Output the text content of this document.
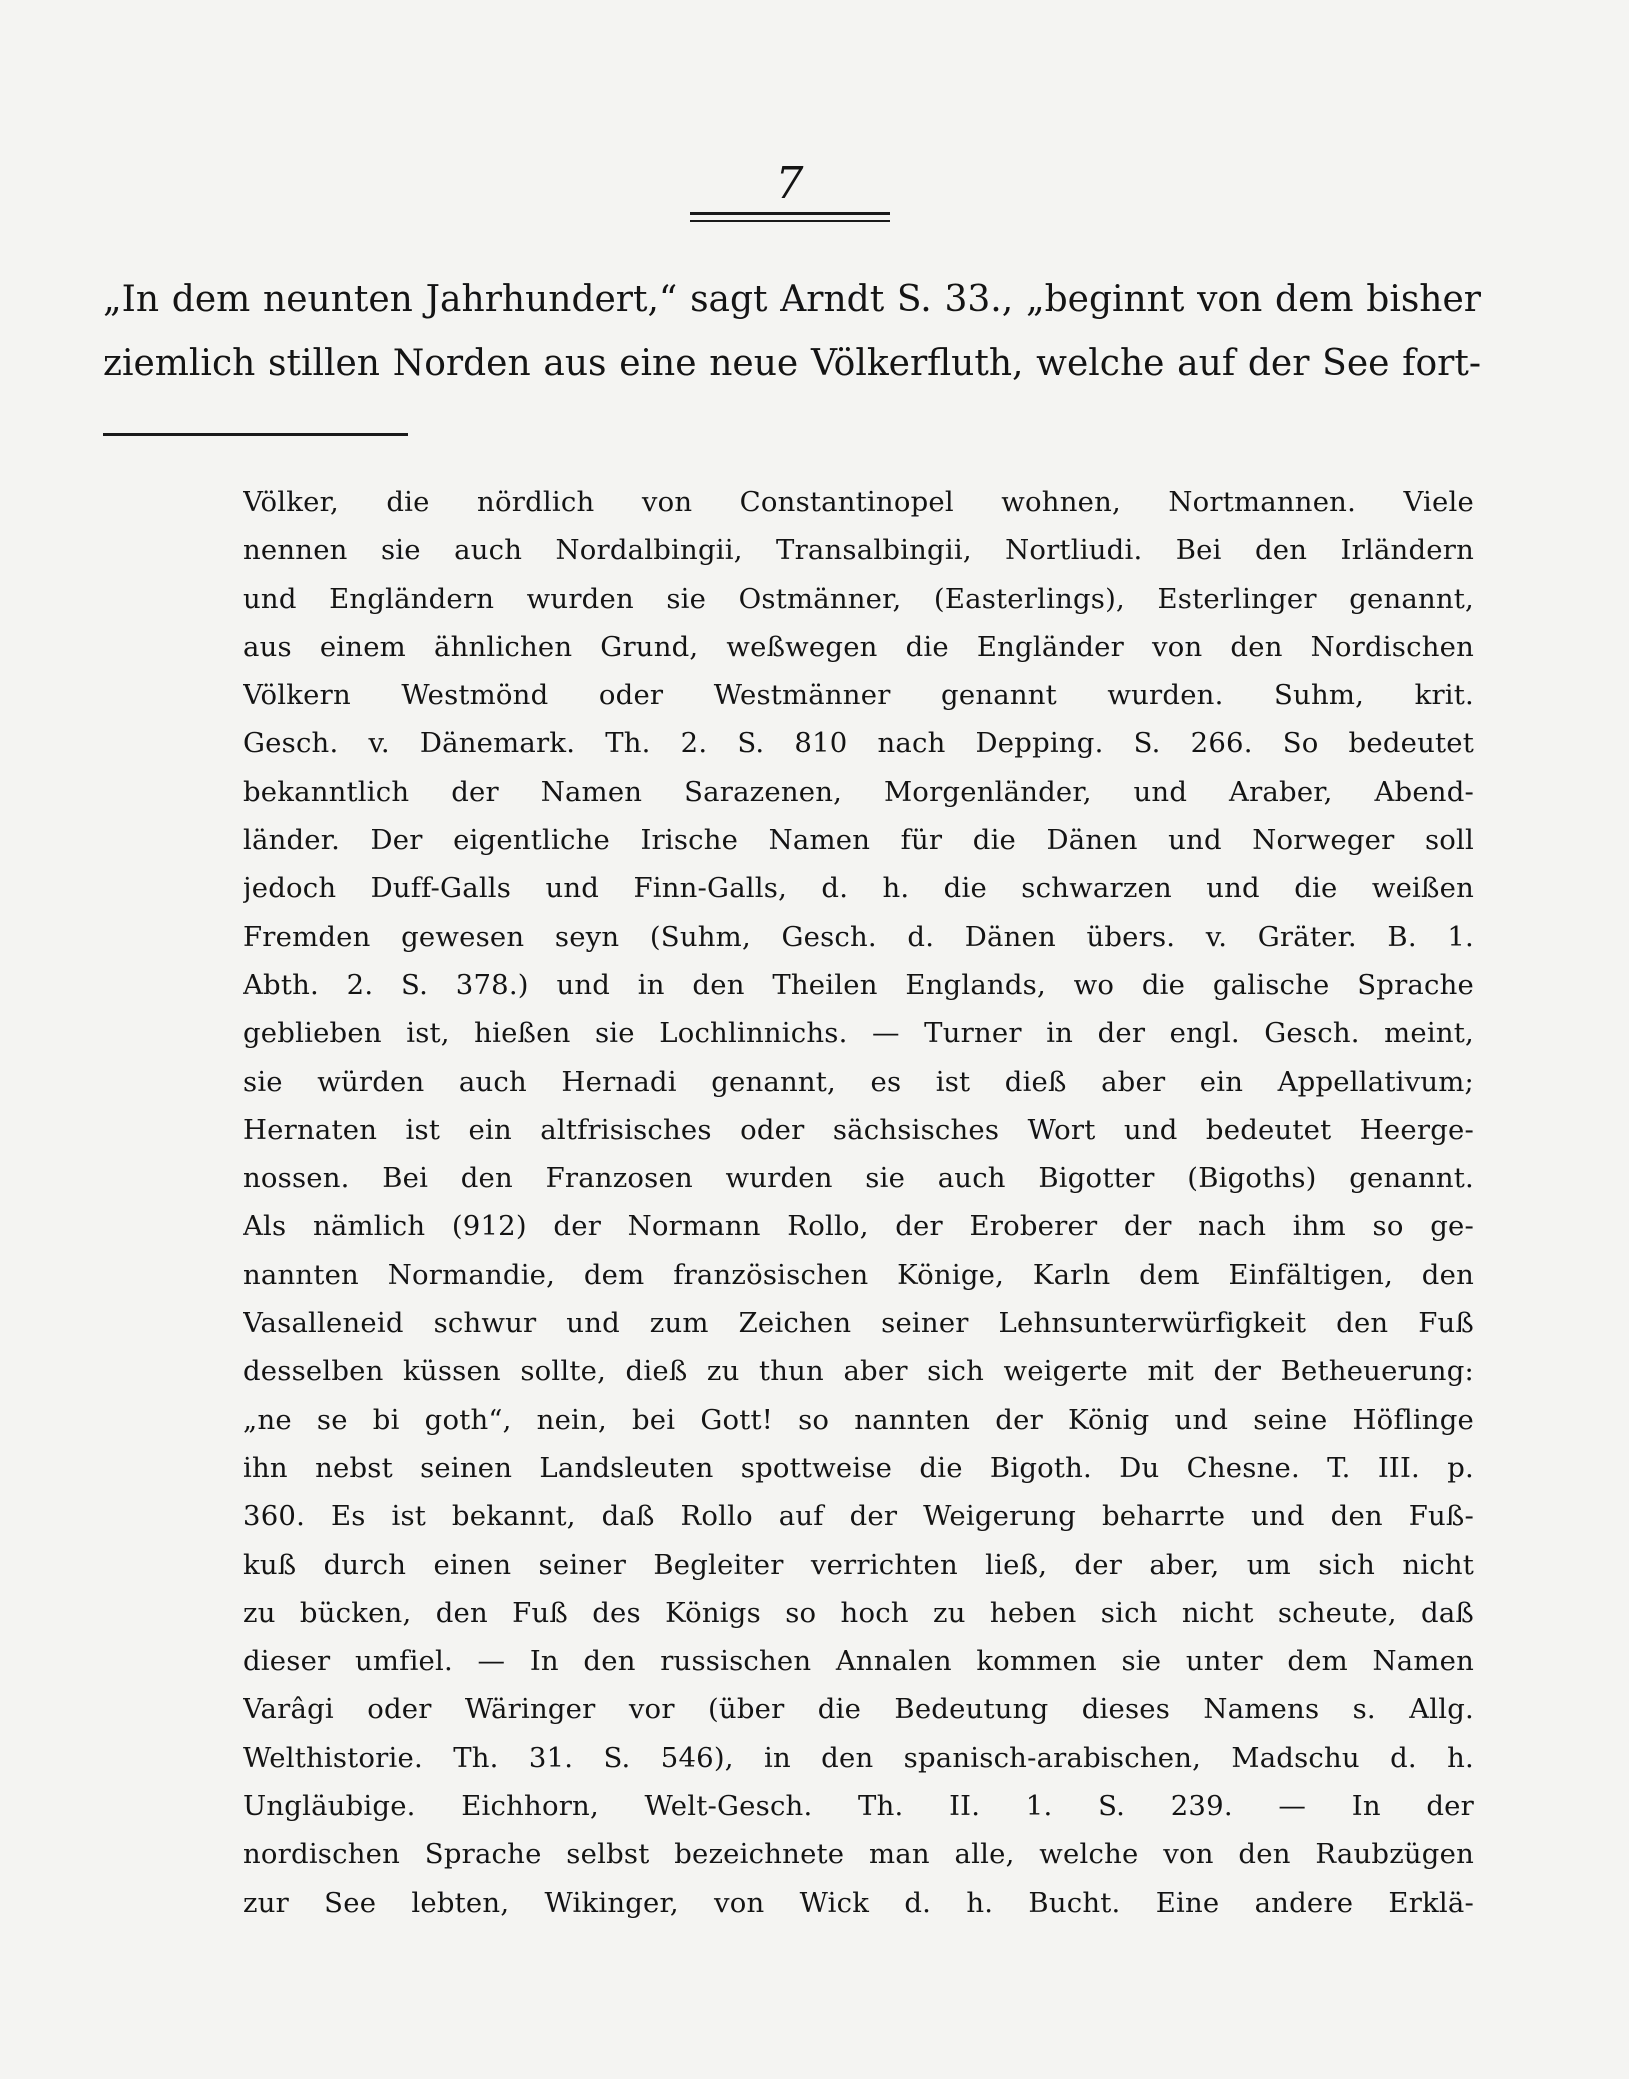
7
„In dem neunten Jahrhundert,“ sagt Arndt S. 33., „beginnt von dem bisher
ziemlich stillen Norden aus eine neue Völkerfluth, welche auf der See fort-
Völker, die nördlich von Constantinopel wohnen, Nortmannen. Viele
nennen sie auch Nordalbingii, Transalbingii, Nortliudi. Bei den Irländern
und Engländern wurden sie Ostmänner, (Easterlings), Esterlinger genannt,
aus einem ähnlichen Grund, weßwegen die Engländer von den Nordischen
Völkern Westmönd oder Westmänner genannt wurden. Suhm, krit.
Gesch. v. Dänemark. Th. 2. S. 810 nach Depping. S. 266. So bedeutet
bekanntlich der Namen Sarazenen, Morgenländer, und Araber, Abend-
länder. Der eigentliche Irische Namen für die Dänen und Norweger soll
jedoch Duff-Galls und Finn-Galls, d. h. die schwarzen und die weißen
Fremden gewesen seyn (Suhm, Gesch. d. Dänen übers. v. Gräter. B. 1.
Abth. 2. S. 378.) und in den Theilen Englands, wo die galische Sprache
geblieben ist, hießen sie Lochlinnichs. — Turner in der engl. Gesch. meint,
sie würden auch Hernadi genannt, es ist dieß aber ein Appellativum;
Hernaten ist ein altfrisisches oder sächsisches Wort und bedeutet Heerge-
nossen. Bei den Franzosen wurden sie auch Bigotter (Bigoths) genannt.
Als nämlich (912) der Normann Rollo, der Eroberer der nach ihm so ge-
nannten Normandie, dem französischen Könige, Karln dem Einfältigen, den
Vasalleneid schwur und zum Zeichen seiner Lehnsunterwürfigkeit den Fuß
desselben küssen sollte, dieß zu thun aber sich weigerte mit der Betheuerung:
„ne se bi goth“, nein, bei Gott! so nannten der König und seine Höflinge
ihn nebst seinen Landsleuten spottweise die Bigoth. Du Chesne. T. III. p.
360. Es ist bekannt, daß Rollo auf der Weigerung beharrte und den Fuß-
kuß durch einen seiner Begleiter verrichten ließ, der aber, um sich nicht
zu bücken, den Fuß des Königs so hoch zu heben sich nicht scheute, daß
dieser umfiel. — In den russischen Annalen kommen sie unter dem Namen
Varâgi oder Wäringer vor (über die Bedeutung dieses Namens s. Allg.
Welthistorie. Th. 31. S. 546), in den spanisch-arabischen, Madschu d. h.
Ungläubige. Eichhorn, Welt-Gesch. Th. II. 1. S. 239. — In der
nordischen Sprache selbst bezeichnete man alle, welche von den Raubzügen
zur See lebten, Wikinger, von Wick d. h. Bucht. Eine andere Erklä-
